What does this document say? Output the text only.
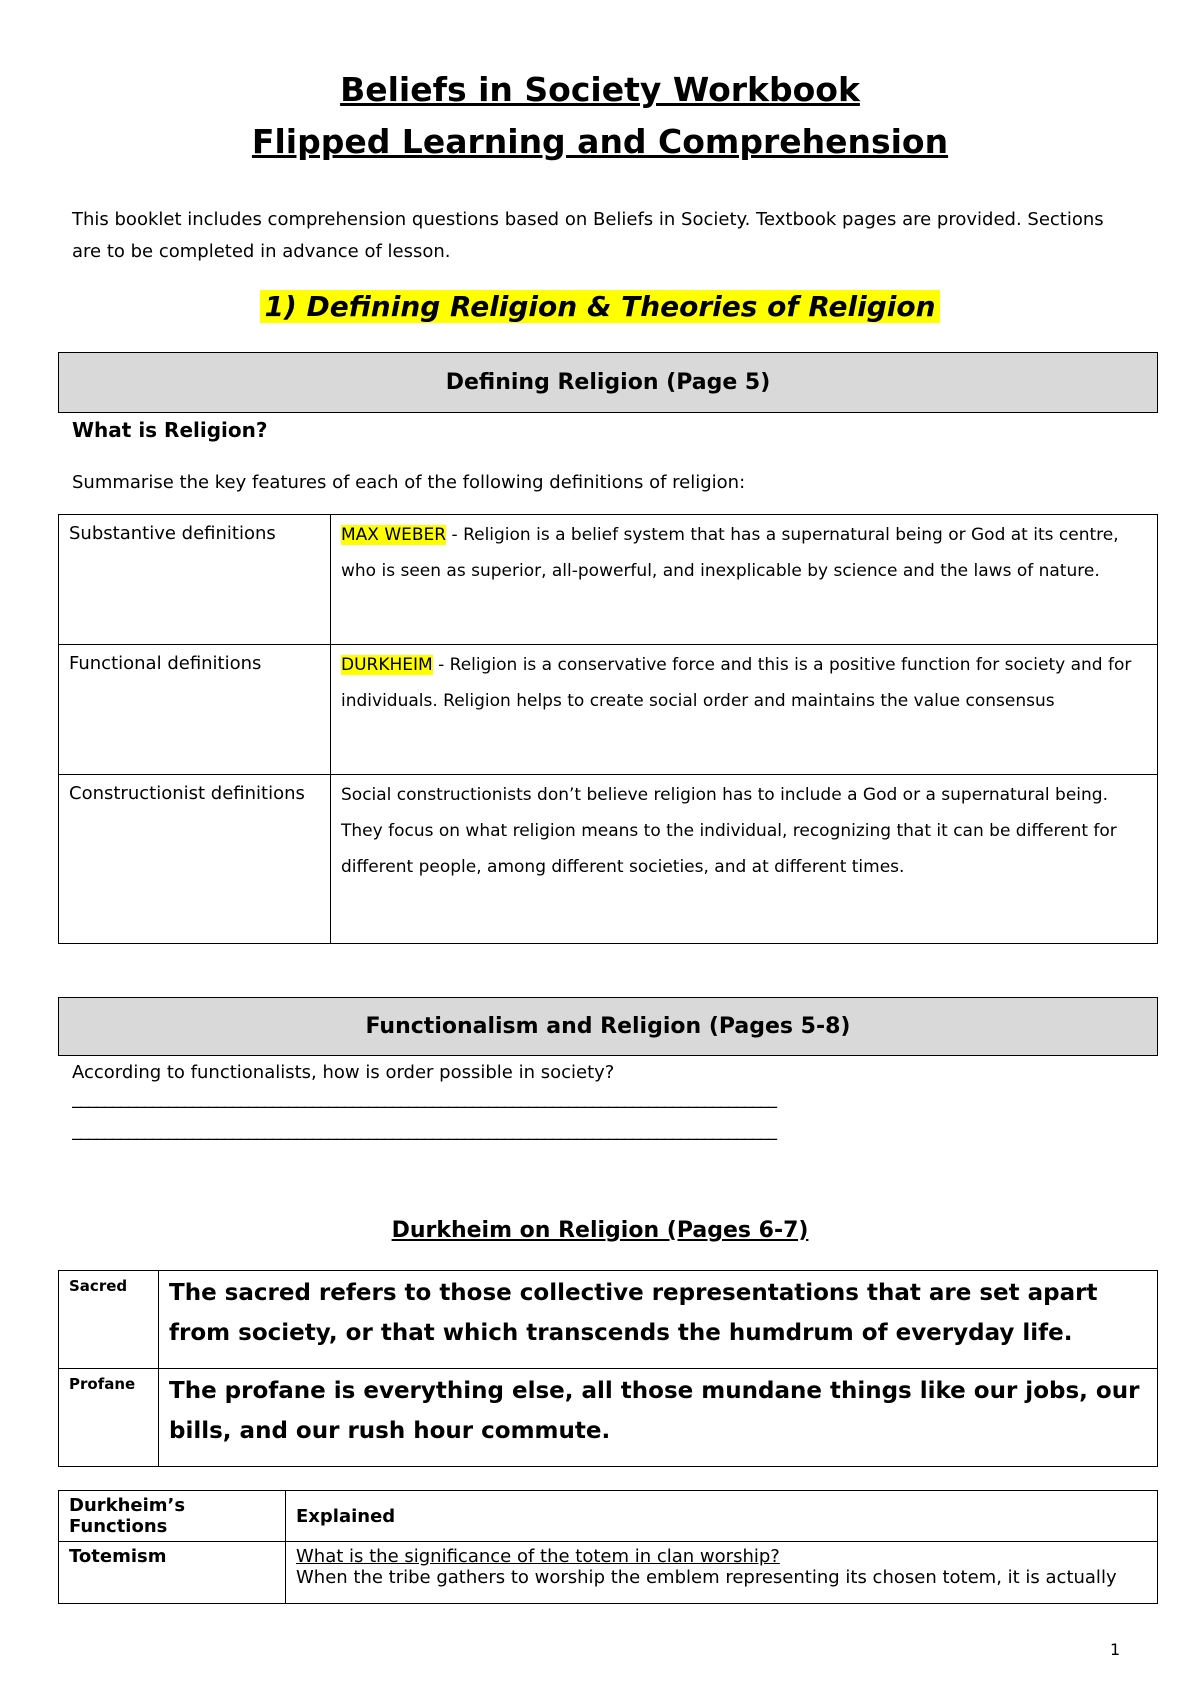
Beliefs in Society Workbook
Flipped Learning and Comprehension
This booklet includes comprehension questions based on Beliefs in Society. Textbook pages are provided. Sections are to be completed in advance of lesson.
1) Defining Religion & Theories of Religion
Defining Religion (Page 5)
What is Religion?
Summarise the key features of each of the following definitions of religion:
Substantive definitions	MAX WEBER - Religion is a belief system that has a supernatural being or God at its centre, who is seen as superior, all-powerful, and inexplicable by science and the laws of nature.
Functional definitions	DURKHEIM - Religion is a conservative force and this is a positive function for society and for individuals. Religion helps to create social order and maintains the value consensus
Constructionist definitions	Social constructionists don’t believe religion has to include a God or a supernatural being. They focus on what religion means to the individual, recognizing that it can be different for different people, among different societies, and at different times.
Functionalism and Religion (Pages 5-8)
According to functionalists, how is order possible in society?
________________________________________________________________________________________
________________________________________________________________________________________
Durkheim on Religion (Pages 6-7)
Sacred	The sacred refers to those collective representations that are set apart from society, or that which transcends the humdrum of everyday life.
Profane	The profane is everything else, all those mundane things like our jobs, our bills, and our rush hour commute.
Durkheim’s Functions	Explained
Totemism	What is the significance of the totem in clan worship?
When the tribe gathers to worship the emblem representing its chosen totem, it is actually
1
